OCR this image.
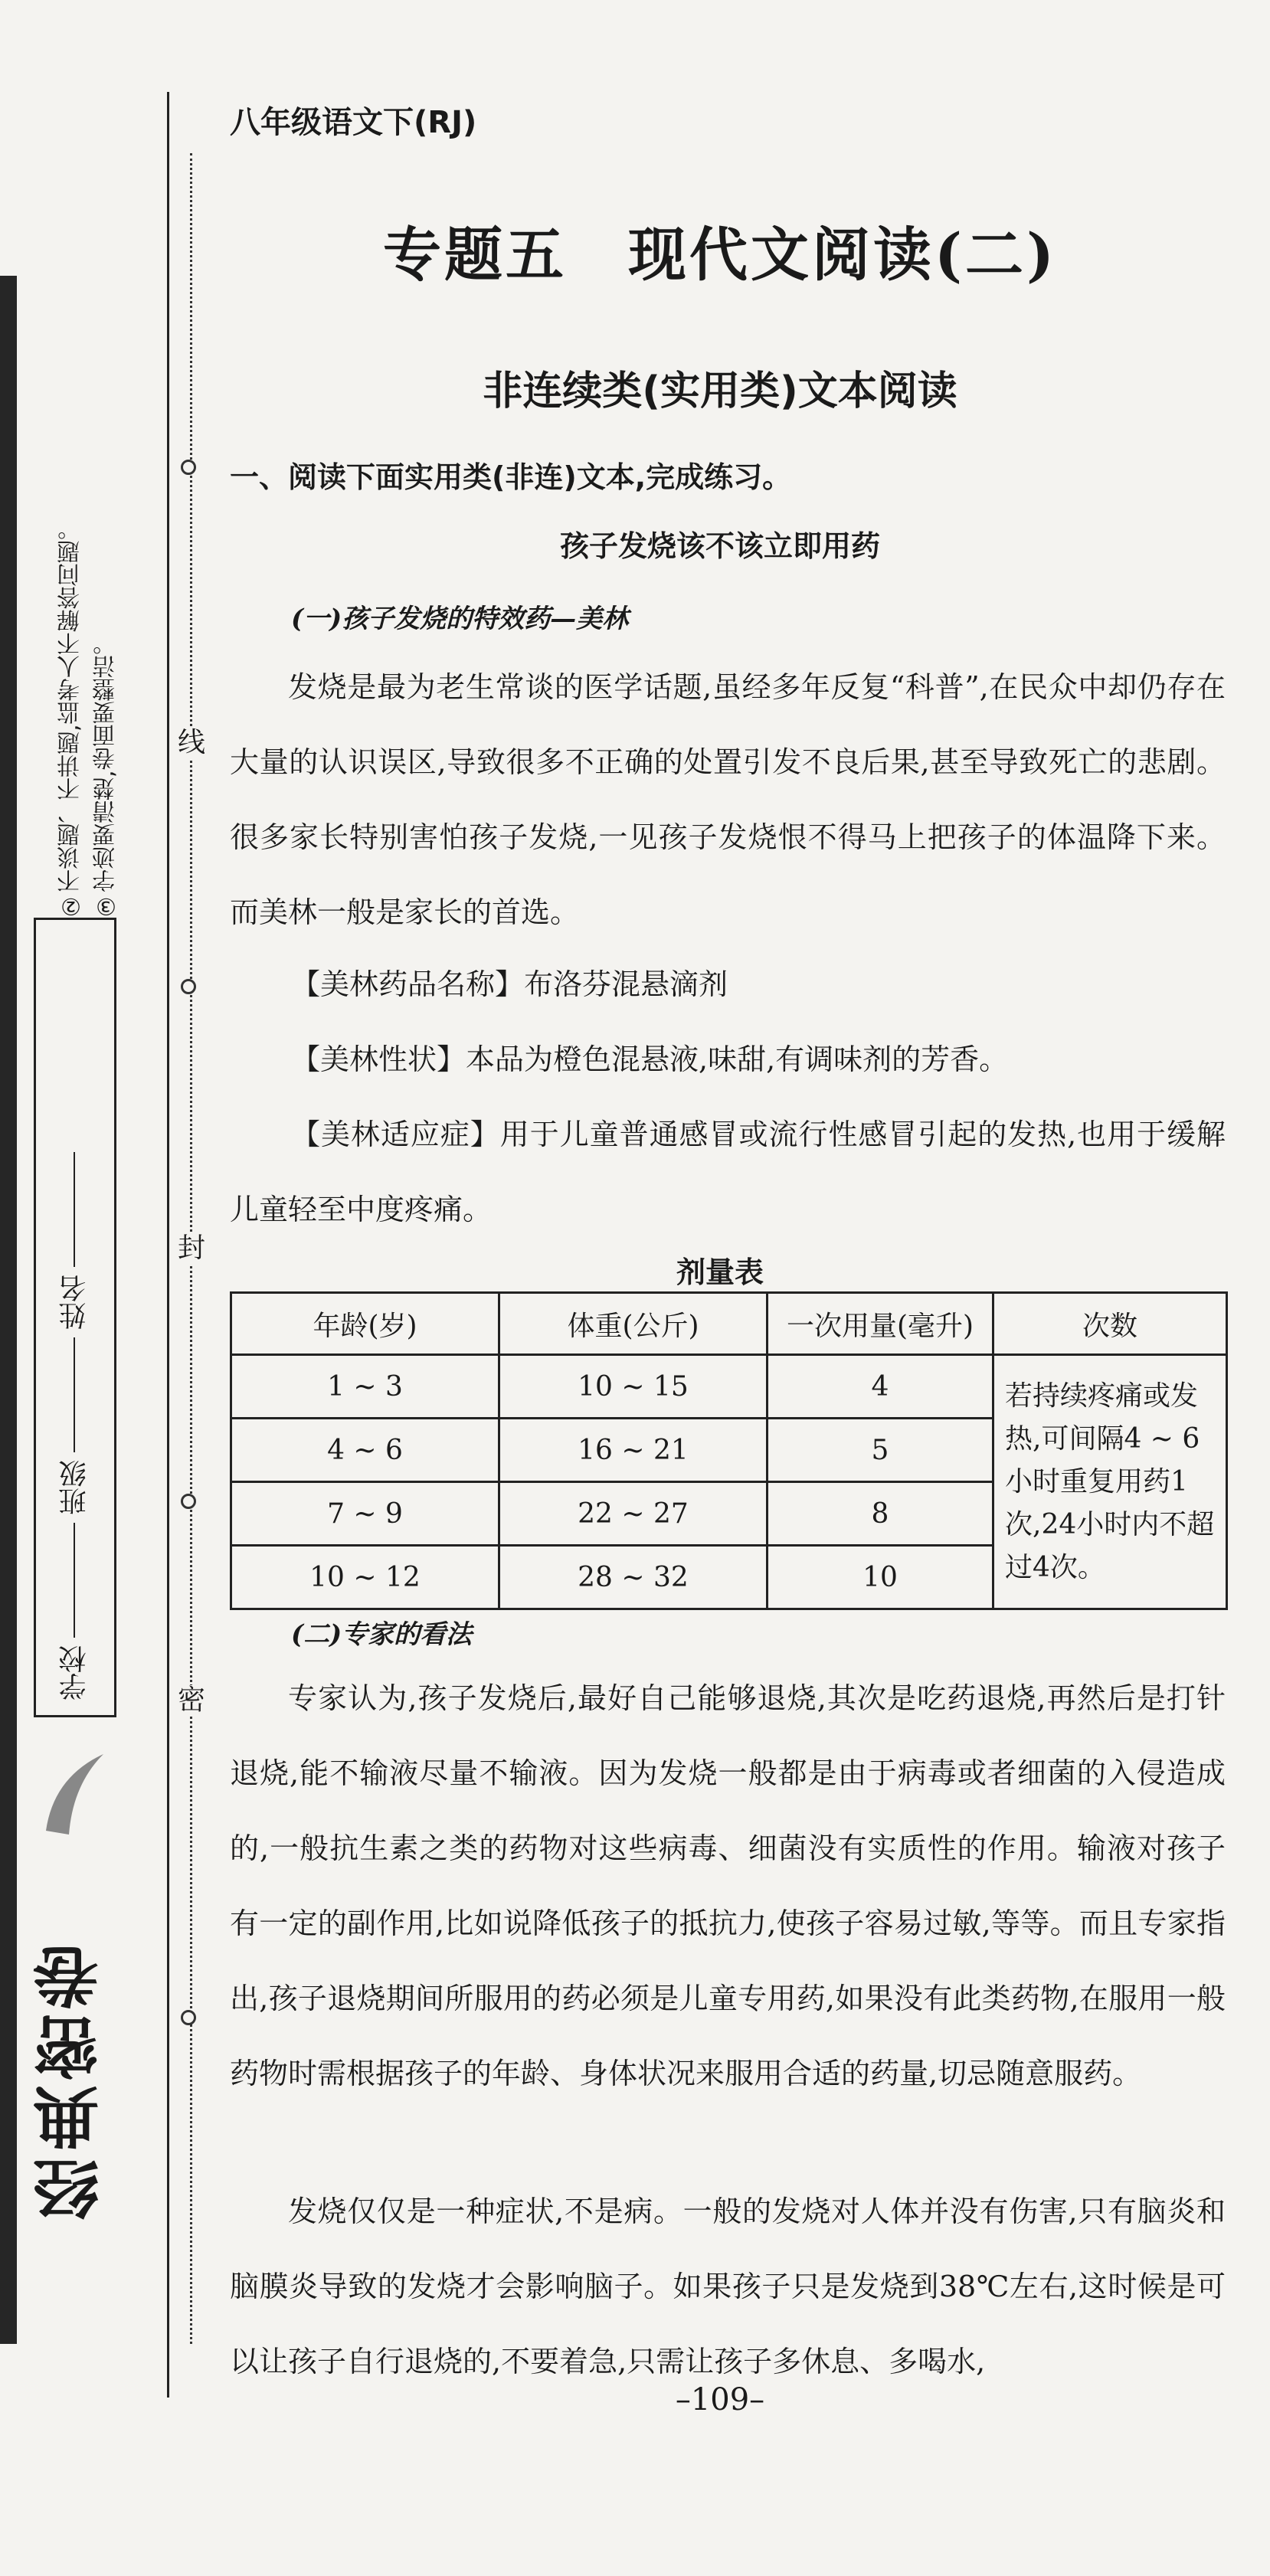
②不谈题、不讲题,监考人不解答问题。 ③字迹要清楚,卷面要整洁。
学校
班级
姓名
经典密卷
线
封
密
八年级语文下(RJ)
专题五　现代文阅读(二)
非连续类(实用类)文本阅读
一、阅读下面实用类(非连)文本,完成练习。
孩子发烧该不该立即用药
(一)孩子发烧的特效药—美林

发烧是最为老生常谈的医学话题,虽经多年反复“科普”,在民众中却仍存在大量的认识误区,导致很多不正确的处置引发不良后果,甚至导致死亡的悲剧。很多家长特别害怕孩子发烧,一见孩子发烧恨不得马上把孩子的体温降下来。而美林一般是家长的首选。

【美林药品名称】布洛芬混悬滴剂

【美林性状】本品为橙色混悬液,味甜,有调味剂的芳香。

【美林适应症】用于儿童普通感冒或流行性感冒引起的发热,也用于缓解儿童轻至中度疼痛。

剂量表
年龄(岁)	体重(公斤)	一次用量(毫升)	次数
1 ~ 3	10 ~ 15	4	若持续疼痛或发热,可间隔4 ~ 6小时重复用药1次,24小时内不超过4次。
4 ~ 6	16 ~ 21	5	
7 ~ 9	22 ~ 27	8	
10 ~ 12	28 ~ 32	10	
(二)专家的看法

专家认为,孩子发烧后,最好自己能够退烧,其次是吃药退烧,再然后是打针退烧,能不输液尽量不输液。因为发烧一般都是由于病毒或者细菌的入侵造成的,一般抗生素之类的药物对这些病毒、细菌没有实质性的作用。输液对孩子有一定的副作用,比如说降低孩子的抵抗力,使孩子容易过敏,等等。而且专家指出,孩子退烧期间所服用的药必须是儿童专用药,如果没有此类药物,在服用一般药物时需根据孩子的年龄、身体状况来服用合适的药量,切忌随意服药。

发烧仅仅是一种症状,不是病。一般的发烧对人体并没有伤害,只有脑炎和脑膜炎导致的发烧才会影响脑子。如果孩子只是发烧到38℃左右,这时候是可以让孩子自行退烧的,不要着急,只需让孩子多休息、多喝水,

–109–
